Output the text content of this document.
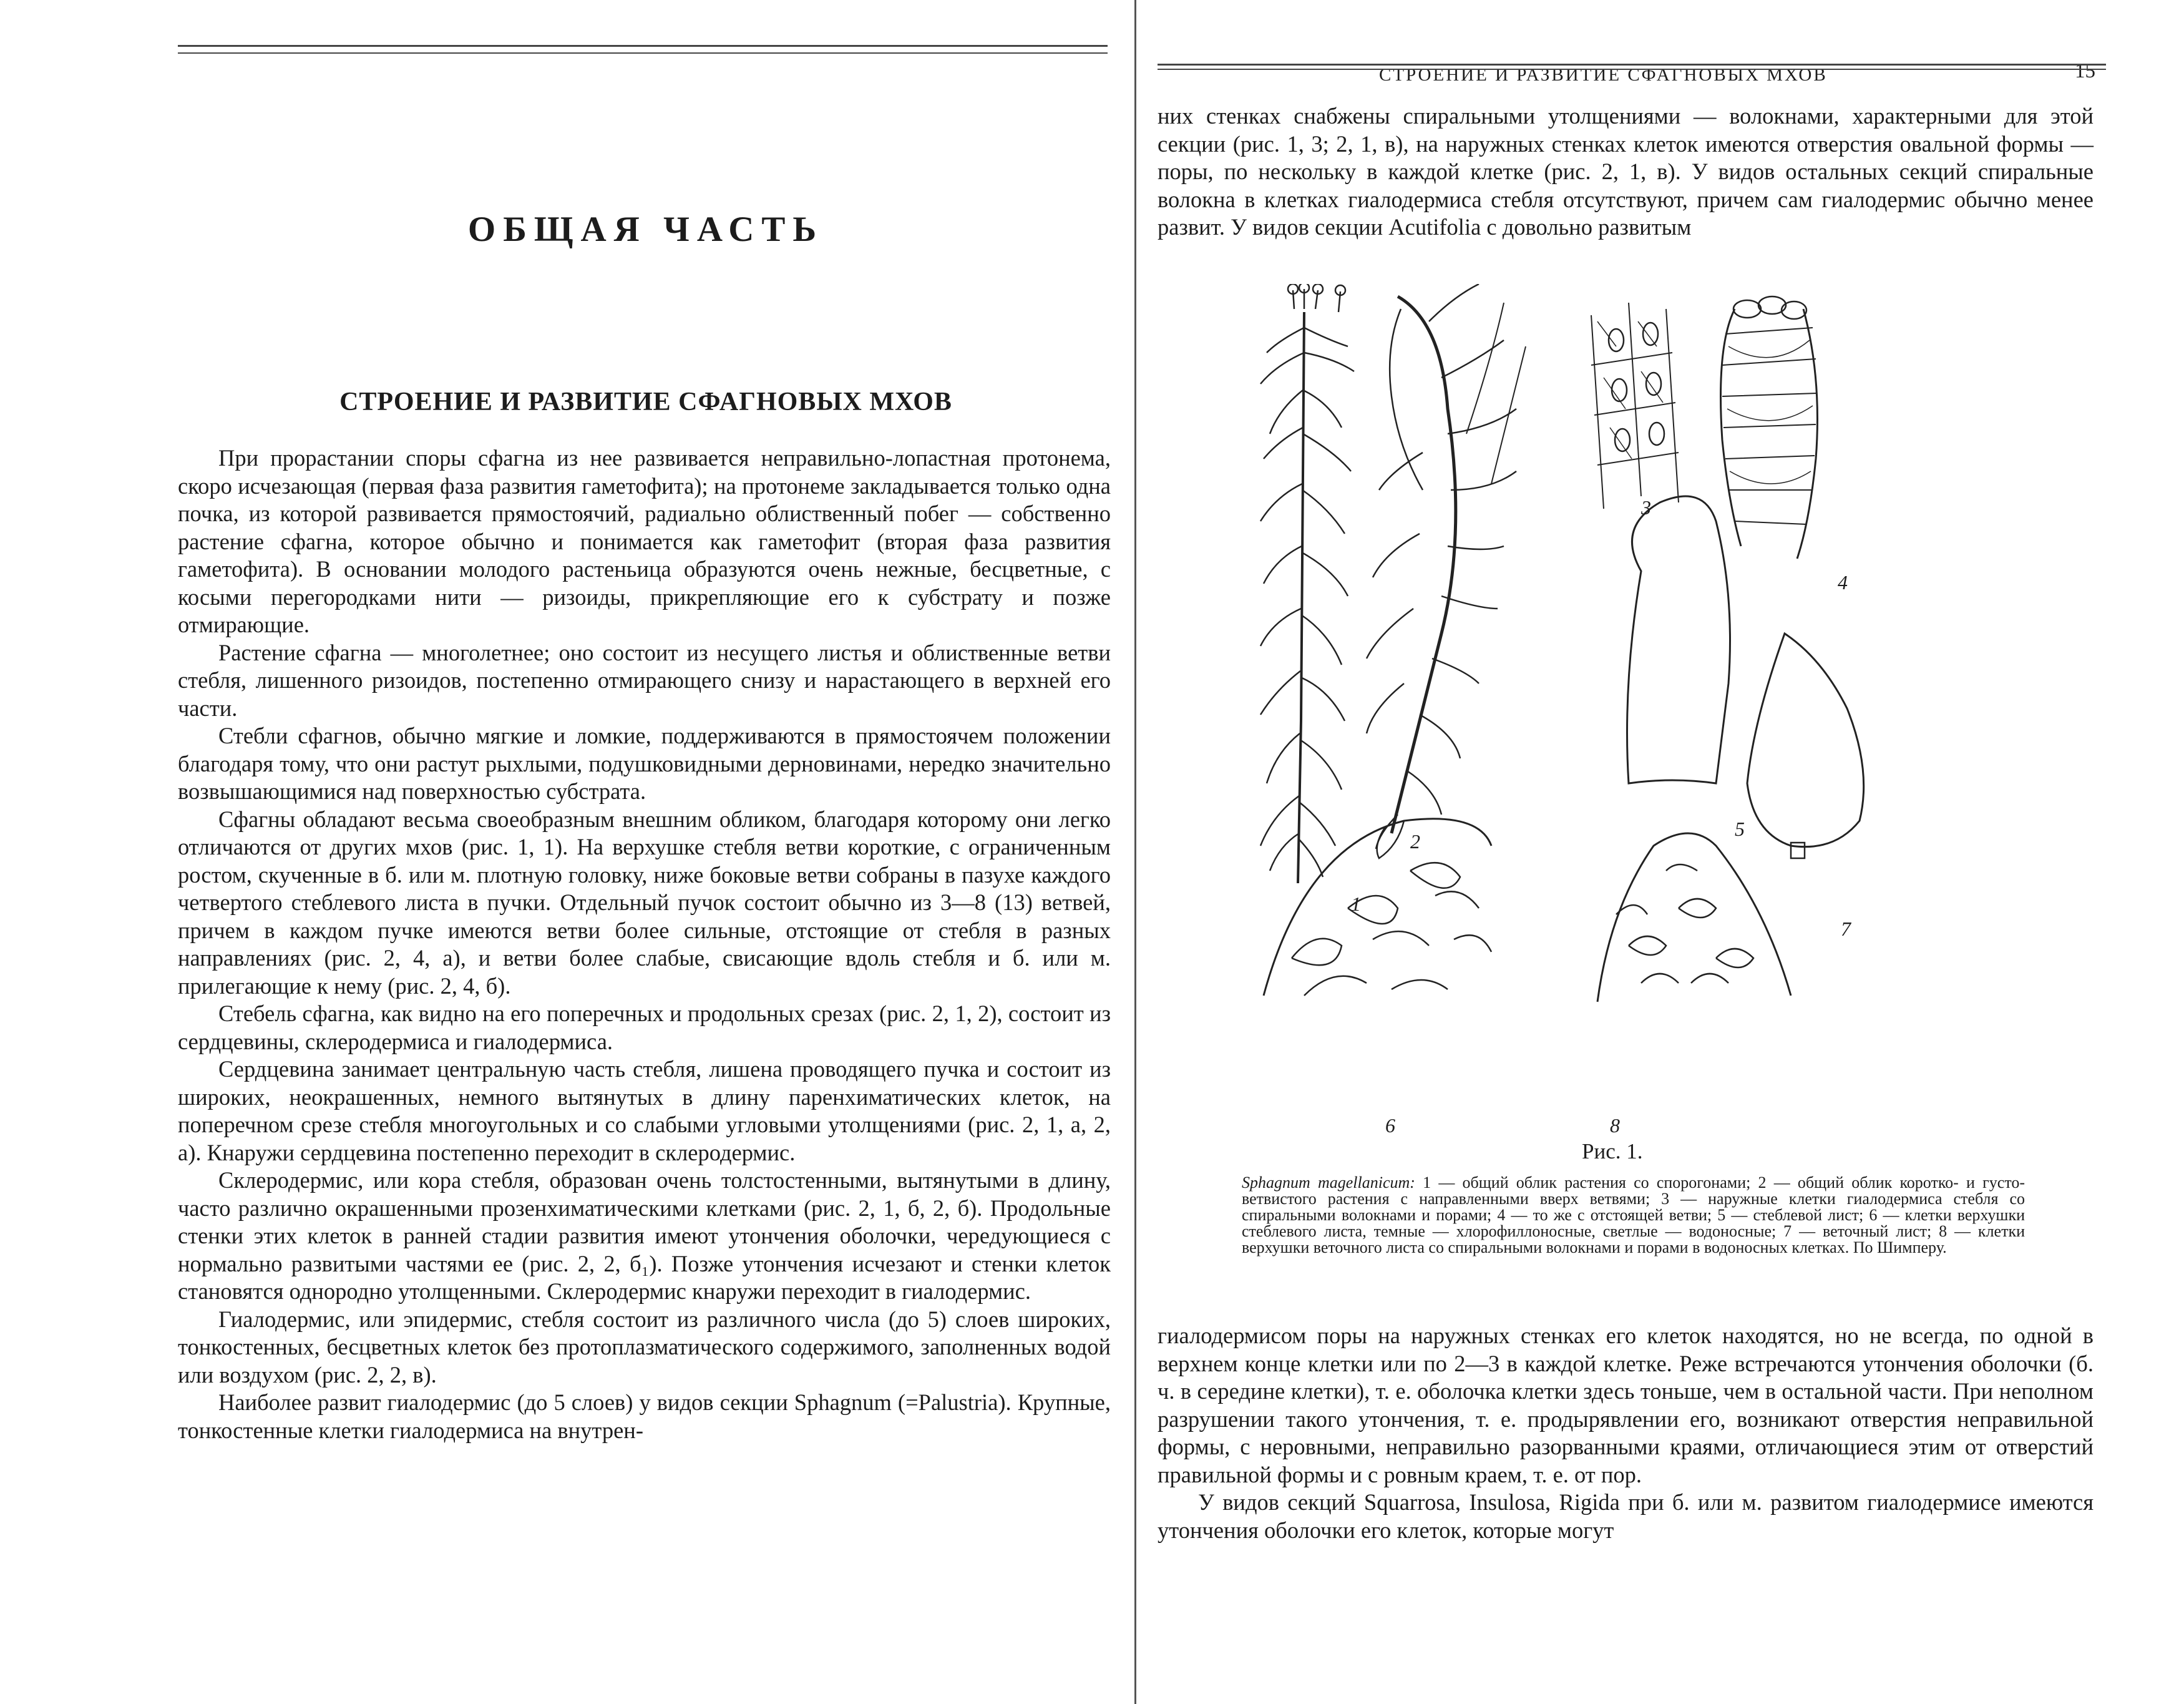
ОБЩАЯ ЧАСТЬ
СТРОЕНИЕ И РАЗВИТИЕ СФАГНОВЫХ МХОВ

При прорастании споры сфагна из нее развивается неправильно-лопастная протонема, скоро исчезающая (первая фаза развития гаметофита); на протонеме закладывается только одна почка, из которой развивается прямостоячий, радиально облиственный побег — собственно растение сфагна, которое обычно и понимается как гаметофит (вторая фаза развития гаметофита). В основании молодого растеньица образуются очень нежные, бесцветные, с косыми перегородками нити — ризоиды, прикрепляющие его к субстрату и позже отмирающие.

Растение сфагна — многолетнее; оно состоит из несущего листья и облиственные ветви стебля, лишенного ризоидов, постепенно отмирающего снизу и нарастающего в верхней его части.

Стебли сфагнов, обычно мягкие и ломкие, поддерживаются в прямостоячем положении благодаря тому, что они растут рыхлыми, подушковидными дерновинами, нередко значительно возвышающимися над поверхностью субстрата.

Сфагны обладают весьма своеобразным внешним обликом, благодаря которому они легко отличаются от других мхов (рис. 1, 1). На верхушке стебля ветви короткие, с ограниченным ростом, скученные в б. или м. плотную головку, ниже боковые ветви собраны в пазухе каждого четвертого стеблевого листа в пучки. Отдельный пучок состоит обычно из 3—8 (13) ветвей, причем в каждом пучке имеются ветви более сильные, отстоящие от стебля в разных направлениях (рис. 2, 4, а), и ветви более слабые, свисающие вдоль стебля и б. или м. прилегающие к нему (рис. 2, 4, б).

Стебель сфагна, как видно на его поперечных и продольных срезах (рис. 2, 1, 2), состоит из сердцевины, склеродермиса и гиалодермиса.

Сердцевина занимает центральную часть стебля, лишена проводящего пучка и состоит из широких, неокрашенных, немного вытянутых в длину паренхиматических клеток, на поперечном срезе стебля многоугольных и со слабыми угловыми утолщениями (рис. 2, 1, а, 2, а). Кнаружи сердцевина постепенно переходит в склеродермис.

Склеродермис, или кора стебля, образован очень толстостенными, вытянутыми в длину, часто различно окрашенными прозенхиматическими клетками (рис. 2, 1, б, 2, б). Продольные стенки этих клеток в ранней стадии развития имеют утончения оболочки, чередующиеся с нормально развитыми частями ее (рис. 2, 2, б₁). Позже утончения исчезают и стенки клеток становятся однородно утолщенными. Склеродермис кнаружи переходит в гиалодермис.

Гиалодермис, или эпидермис, стебля состоит из различного числа (до 5) слоев широких, тонкостенных, бесцветных клеток без протоплазматического содержимого, заполненных водой или воздухом (рис. 2, 2, в).

Наиболее развит гиалодермис (до 5 слоев) у видов секции Sphagnum (=Palustria). Крупные, тонкостенные клетки гиалодермиса на внутрен-

СТРОЕНИЕ И РАЗВИТИЕ СФАГНОВЫХ МХОВ	15

них стенках снабжены спиральными утолщениями — волокнами, характерными для этой секции (рис. 1, 3; 2, 1, в), на наружных стенках клеток имеются отверстия овальной формы — поры, по нескольку в каждой клетке (рис. 2, 1, в). У видов остальных секций спиральные волокна в клетках гиалодермиса стебля отсутствуют, причем сам гиалодермис обычно менее развит. У видов секции Acutifolia с довольно развитым

1
2
3
4
5
6
7
8
Рис. 1.
Sphagnum magellanicum: 1 — общий облик растения со спорогонами; 2 — общий облик коротко- и густо-ветвистого растения с направленными вверх ветвями; 3 — наружные клетки гиалодермиса стебля со спиральными волокнами и порами; 4 — то же с отстоящей ветви; 5 — стеблевой лист; 6 — клетки верхушки стеблевого листа, темные — хлорофиллоносные, светлые — водоносные; 7 — веточный лист; 8 — клетки верхушки веточного листа со спиральными волокнами и порами в водоносных клетках. По Шимперу.

гиалодермисом поры на наружных стенках его клеток находятся, но не всегда, по одной в верхнем конце клетки или по 2—3 в каждой клетке. Реже встречаются утончения оболочки (б. ч. в середине клетки), т. е. оболочка клетки здесь тоньше, чем в остальной части. При неполном разрушении такого утончения, т. е. продырявлении его, возникают отверстия неправильной формы, с неровными, неправильно разорванными краями, отличающиеся этим от отверстий правильной формы и с ровным краем, т. е. от пор.

У видов секций Squarrosa, Insulosa, Rigida при б. или м. развитом гиалодермисе имеются утончения оболочки его клеток, которые могут
